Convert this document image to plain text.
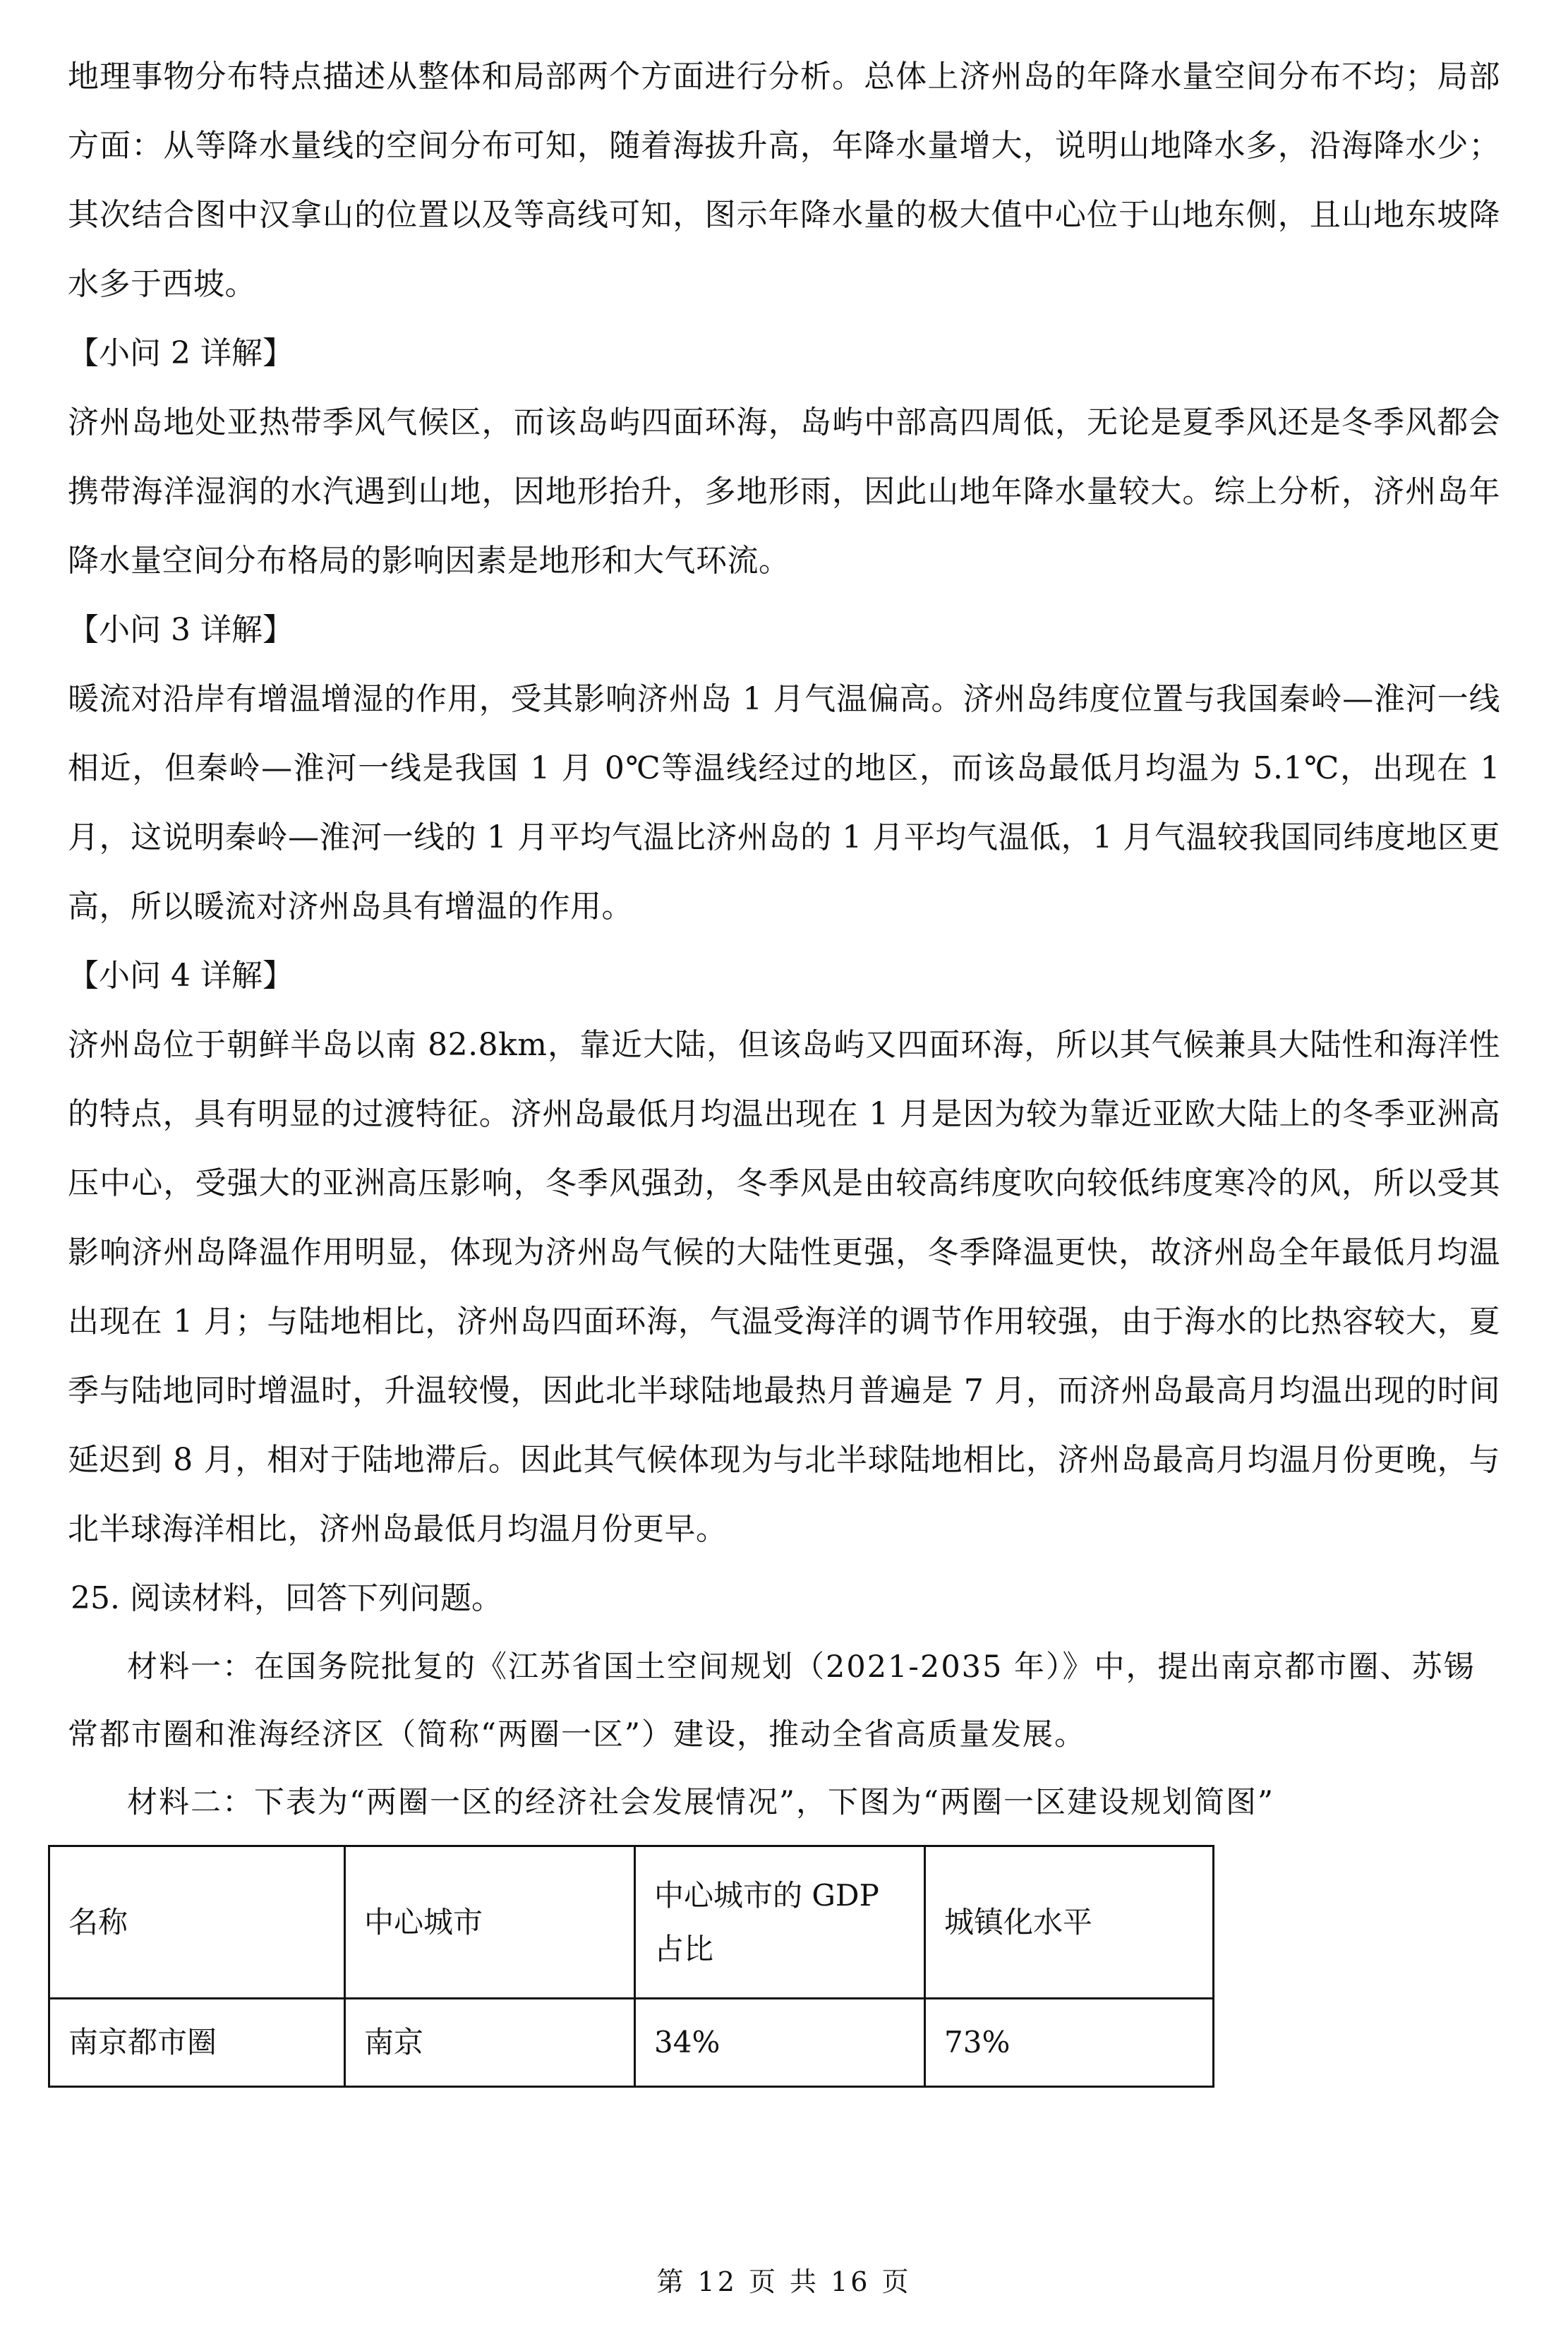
地理事物分布特点描述从整体和局部两个方面进行分析。总体上济州岛的年降水量空间分布不均；局部方面：从等降水量线的空间分布可知，随着海拔升高，年降水量增大，说明山地降水多，沿海降水少；其次结合图中汉拿山的位置以及等高线可知，图示年降水量的极大值中心位于山地东侧，且山地东坡降水多于西坡。

【小问 2 详解】

济州岛地处亚热带季风气候区，而该岛屿四面环海，岛屿中部高四周低，无论是夏季风还是冬季风都会携带海洋湿润的水汽遇到山地，因地形抬升，多地形雨，因此山地年降水量较大。综上分析，济州岛年降水量空间分布格局的影响因素是地形和大气环流。

【小问 3 详解】

暖流对沿岸有增温增湿的作用，受其影响济州岛 1 月气温偏高。济州岛纬度位置与我国秦岭—淮河一线相近，但秦岭—淮河一线是我国 1 月 0℃等温线经过的地区，而该岛最低月均温为 5.1℃，出现在 1 月，这说明秦岭—淮河一线的 1 月平均气温比济州岛的 1 月平均气温低，1 月气温较我国同纬度地区更高，所以暖流对济州岛具有增温的作用。

【小问 4 详解】

济州岛位于朝鲜半岛以南 82.8km，靠近大陆，但该岛屿又四面环海，所以其气候兼具大陆性和海洋性的特点，具有明显的过渡特征。济州岛最低月均温出现在 1 月是因为较为靠近亚欧大陆上的冬季亚洲高压中心，受强大的亚洲高压影响，冬季风强劲，冬季风是由较高纬度吹向较低纬度寒冷的风，所以受其影响济州岛降温作用明显，体现为济州岛气候的大陆性更强，冬季降温更快，故济州岛全年最低月均温出现在 1 月；与陆地相比，济州岛四面环海，气温受海洋的调节作用较强，由于海水的比热容较大，夏季与陆地同时增温时，升温较慢，因此北半球陆地最热月普遍是 7 月，而济州岛最高月均温出现的时间延迟到 8 月，相对于陆地滞后。因此其气候体现为与北半球陆地相比，济州岛最高月均温月份更晚，与北半球海洋相比，济州岛最低月均温月份更早。

25. 阅读材料，回答下列问题。

材料一：在国务院批复的《江苏省国土空间规划（2021-2035 年）》中，提出南京都市圈、苏锡常都市圈和淮海经济区（简称“两圈一区”）建设，推动全省高质量发展。

材料二：下表为“两圈一区的经济社会发展情况”，下图为“两圈一区建设规划简图”

名称	中心城市	中心城市的 GDP 占比	城镇化水平
南京都市圈	南京	34%	73%
第 12 页 共 16 页
